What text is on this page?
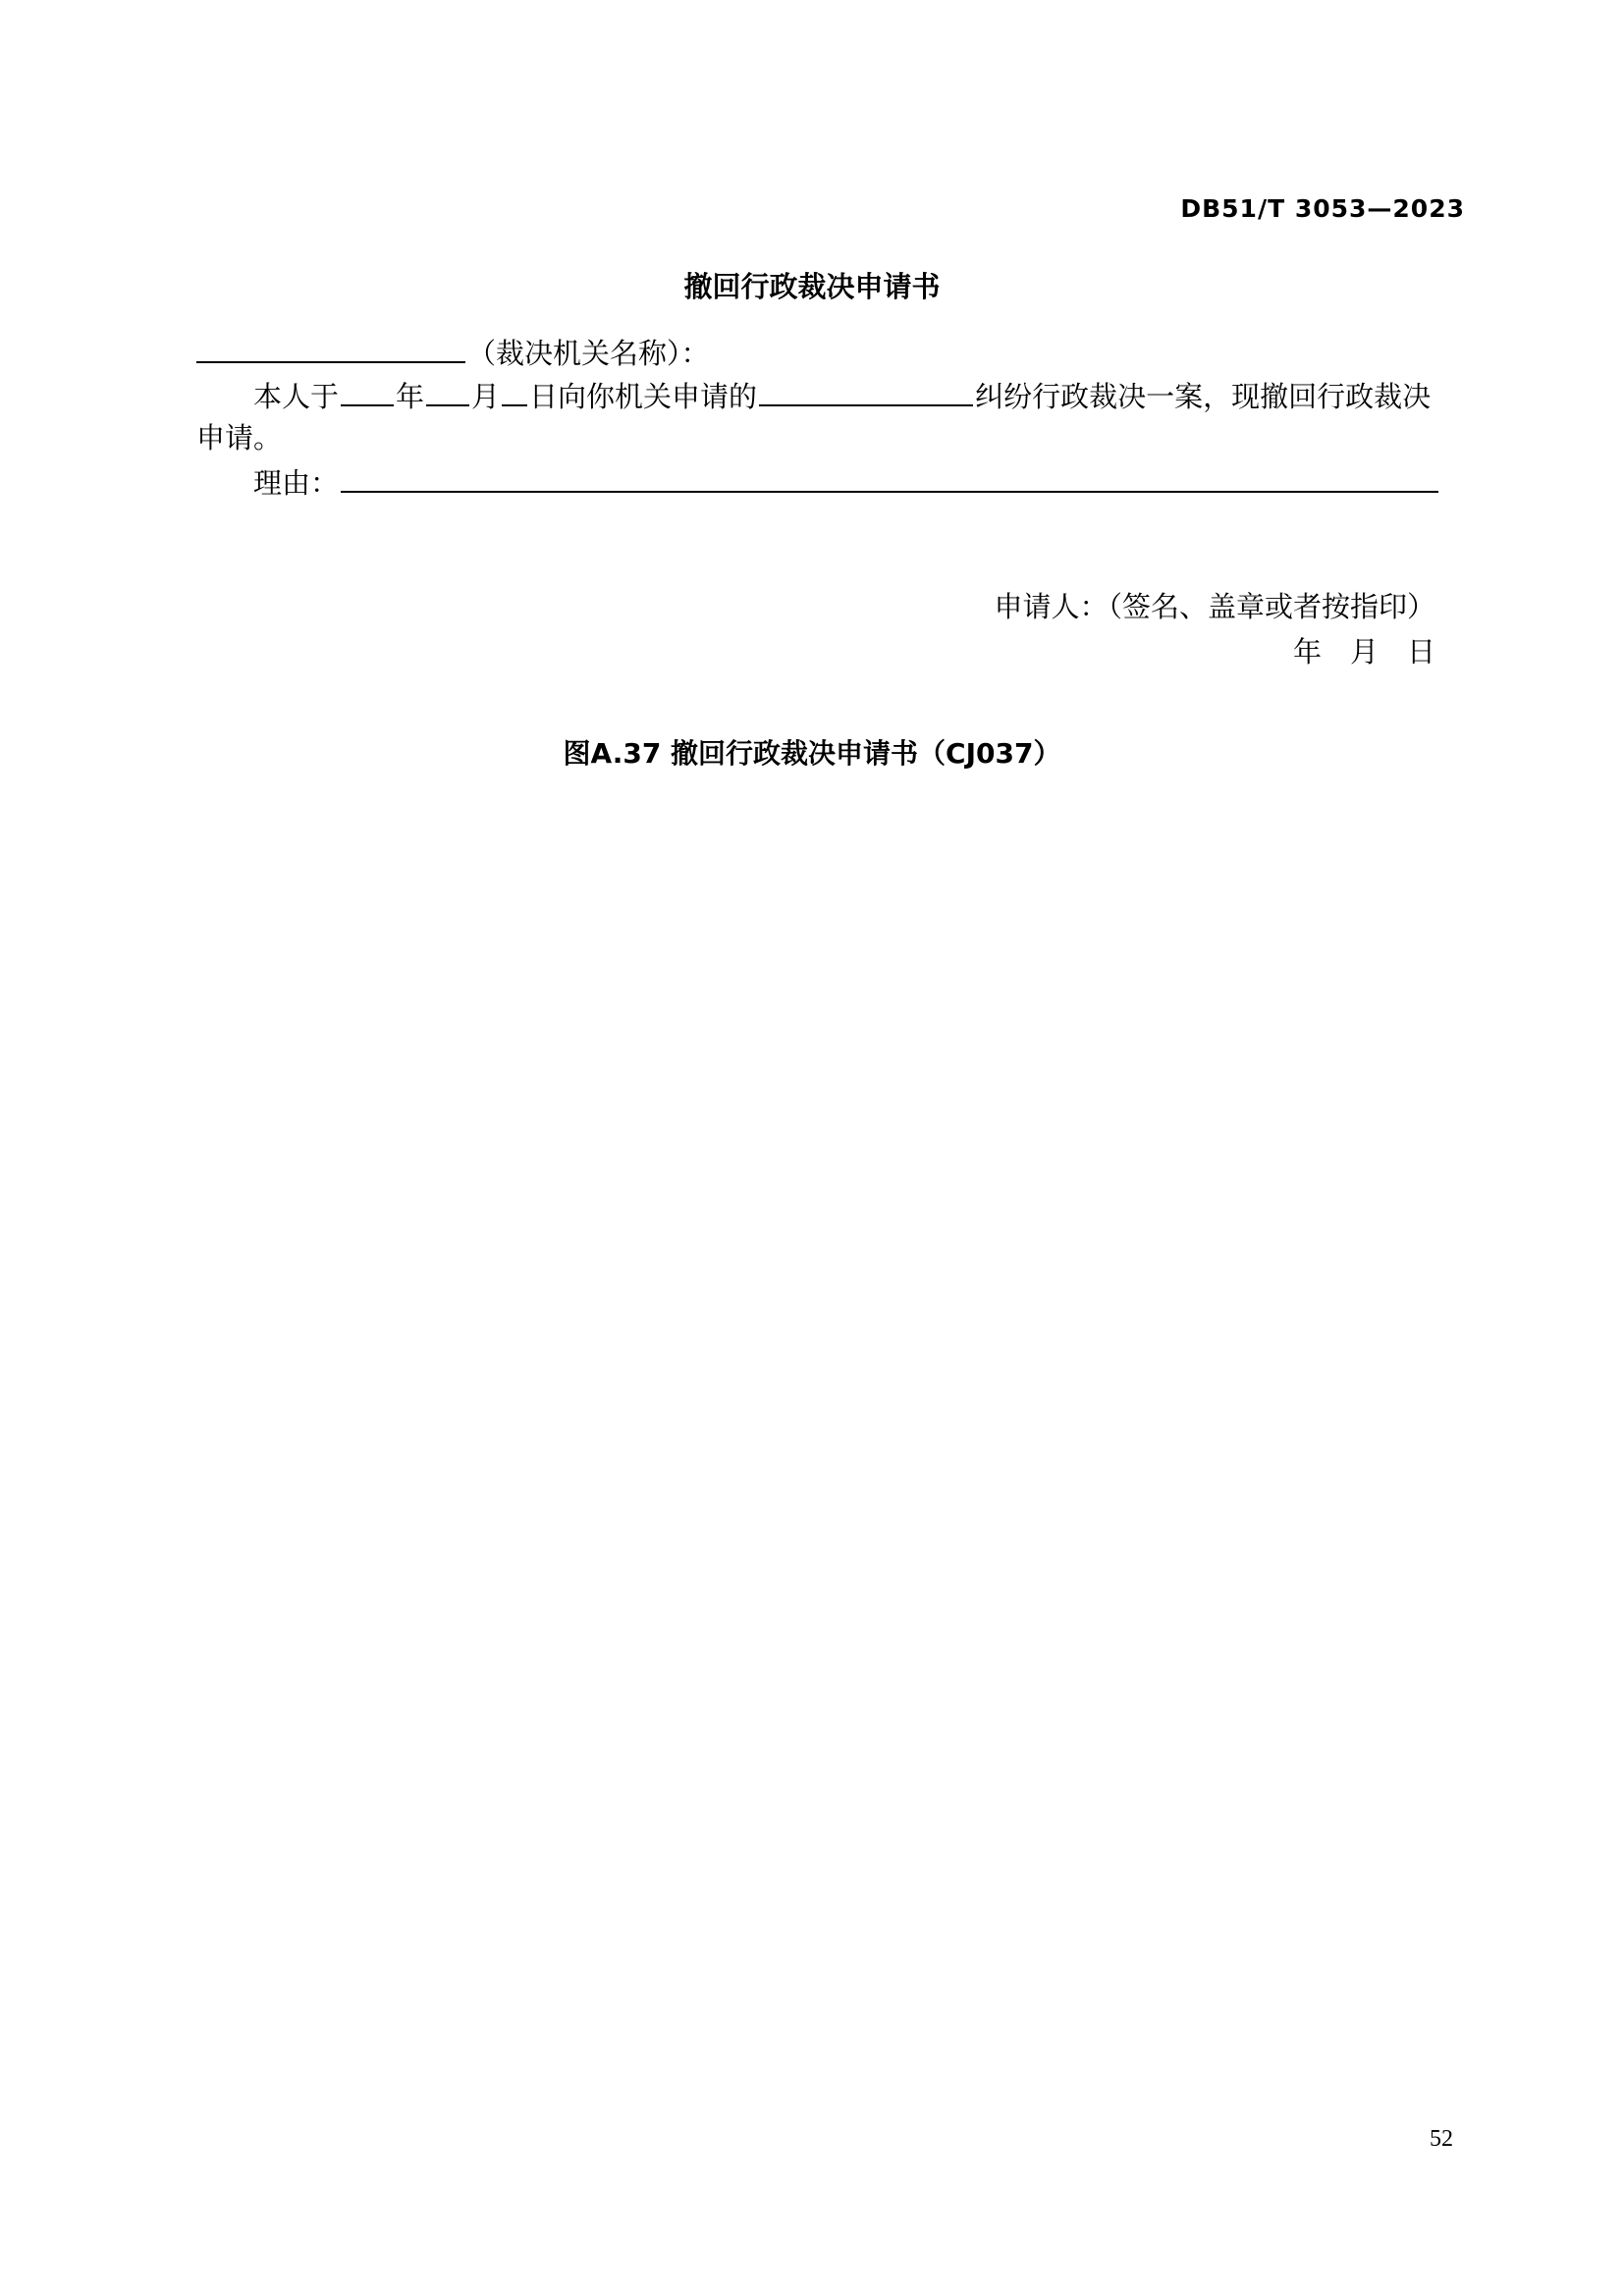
DB51/T 3053—2023
撤回行政裁决申请书
（裁决机关名称）：
本人于 年 月 日向你机关申请的	纠纷行政裁决一案，现撤回行政裁决
申请。
理由：
申请人：（签名、盖章或者按指印）
年　月　日
图A.37 撤回行政裁决申请书（CJ037）
52
